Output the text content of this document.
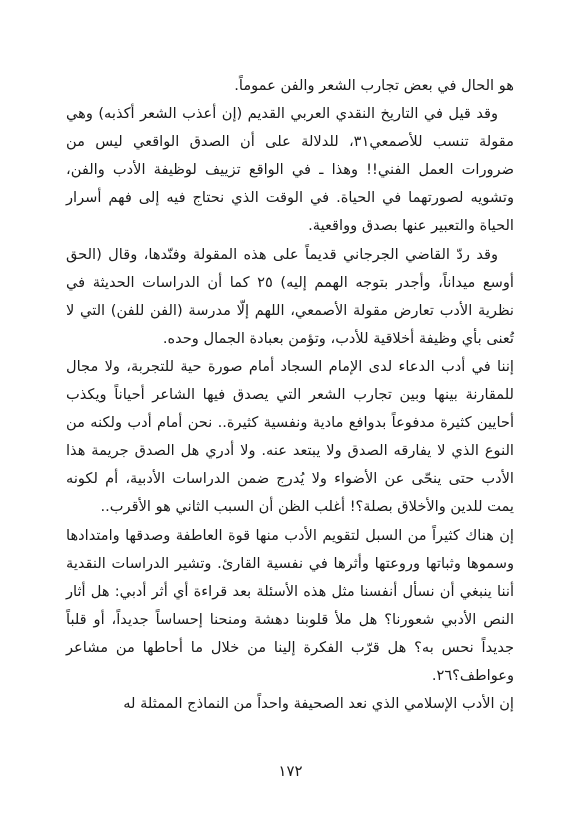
هو الحال في بعض تجارب الشعر والفن عموماً.

وقد قيل في التاريخ النقدي العربي القديم (إن أعذب الشعر أكذبه) وهي مقولة تنسب للأصمعي٣١، للدلالة على أن الصدق الواقعي ليس من ضرورات العمل الفني!! وهذا ـ في الواقع تزييف لوظيفة الأدب والفن، وتشويه لصورتهما في الحياة. في الوقت الذي نحتاج فيه إلى فهم أسرار الحياة والتعبير عنها بصدق وواقعية.

وقد ردّ القاضي الجرجاني قديماً على هذه المقولة وفنّدها، وقال (الحق أوسع ميداناً، وأجدر بتوجه الهمم إليه) ٢٥ كما أن الدراسات الحديثة في نظرية الأدب تعارض مقولة الأصمعي، اللهم إلّا مدرسة (الفن للفن) التي لا تُعنى بأي وظيفة أخلاقية للأدب، وتؤمن بعبادة الجمال وحده.

إننا في أدب الدعاء لدى الإمام السجاد أمام صورة حية للتجربة، ولا مجال للمقارنة بينها وبين تجارب الشعر التي يصدق فيها الشاعر أحياناً ويكذب أحايين كثيرة مدفوعاً بدوافع مادية ونفسية كثيرة.. نحن أمام أدب ولكنه من النوع الذي لا يفارقه الصدق ولا يبتعد عنه. ولا أدري هل الصدق جريمة هذا الأدب حتى ينحّى عن الأضواء ولا يُدرج ضمن الدراسات الأدبية، أم لكونه يمت للدين والأخلاق بصلة؟! أغلب الظن أن السبب الثاني هو الأقرب..

إن هناك كثيراً من السبل لتقويم الأدب منها قوة العاطفة وصدقها وامتدادها وسموها وثباتها وروعتها وأثرها في نفسية القارئ. وتشير الدراسات النقدية أننا ينبغي أن نسأل أنفسنا مثل هذه الأسئلة بعد قراءة أي أثر أدبي: هل أثار النص الأدبي شعورنا؟ هل ملأ قلوبنا دهشة ومنحنا إحساساً جديداً، أو قلباً جديداً نحس به؟ هل قرّب الفكرة إلينا من خلال ما أحاطها من مشاعر وعواطف؟٢٦.

إن الأدب الإسلامي الذي نعد الصحيفة واحداً من النماذج الممثلة له

١٧٢
